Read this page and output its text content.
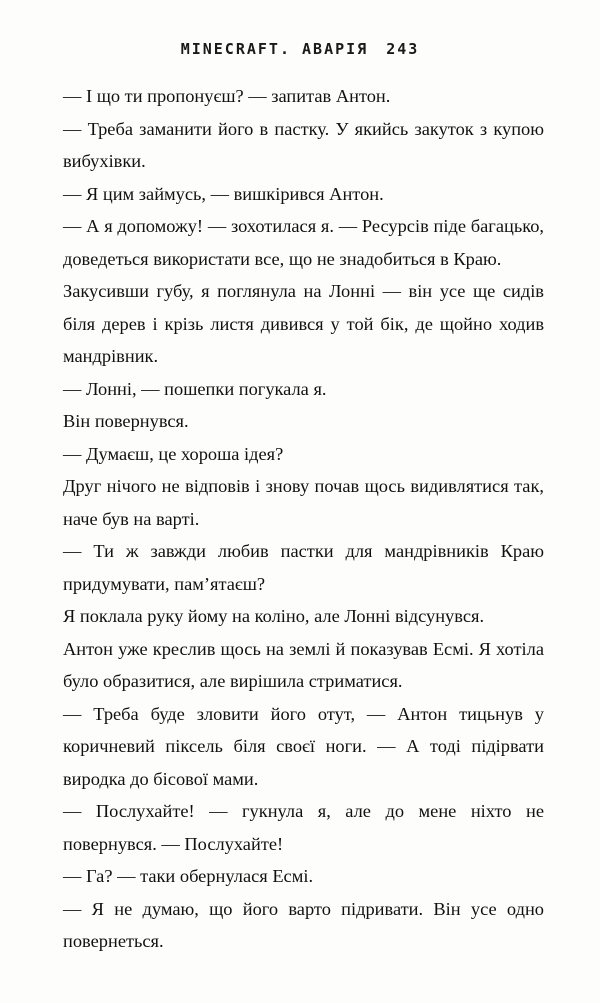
MINECRAFT. АВАРІЯ 243

— І що ти пропонуєш? — запитав Антон.

— Треба заманити його в пастку. У якийсь закуток з купою вибухівки.

— Я цим займусь, — вишкірився Антон.

— А я допоможу! — зохотилася я. — Ресурсів піде багацько, доведеться використати все, що не знадобиться в Краю.

Закусивши губу, я поглянула на Лонні — він усе ще сидів біля дерев і крізь листя дивився у той бік, де щойно ходив мандрівник.

— Лонні, — пошепки погукала я.

Він повернувся.

— Думаєш, це хороша ідея?

Друг нічого не відповів і знову почав щось видивлятися так, наче був на варті.

— Ти ж завжди любив пастки для мандрівників Краю придумувати, пам’ятаєш?

Я поклала руку йому на коліно, але Лонні відсунувся.

Антон уже креслив щось на землі й показував Есмі. Я хотіла було образитися, але вирішила стриматися.

— Треба буде зловити його отут, — Антон тицьнув у коричневий піксель біля своєї ноги. — А тоді підірвати виродка до бісової мами.

— Послухайте! — гукнула я, але до мене ніхто не повернувся. — Послухайте!

— Га? — таки обернулася Есмі.

— Я не думаю, що його варто підривати. Він усе одно повернеться.
